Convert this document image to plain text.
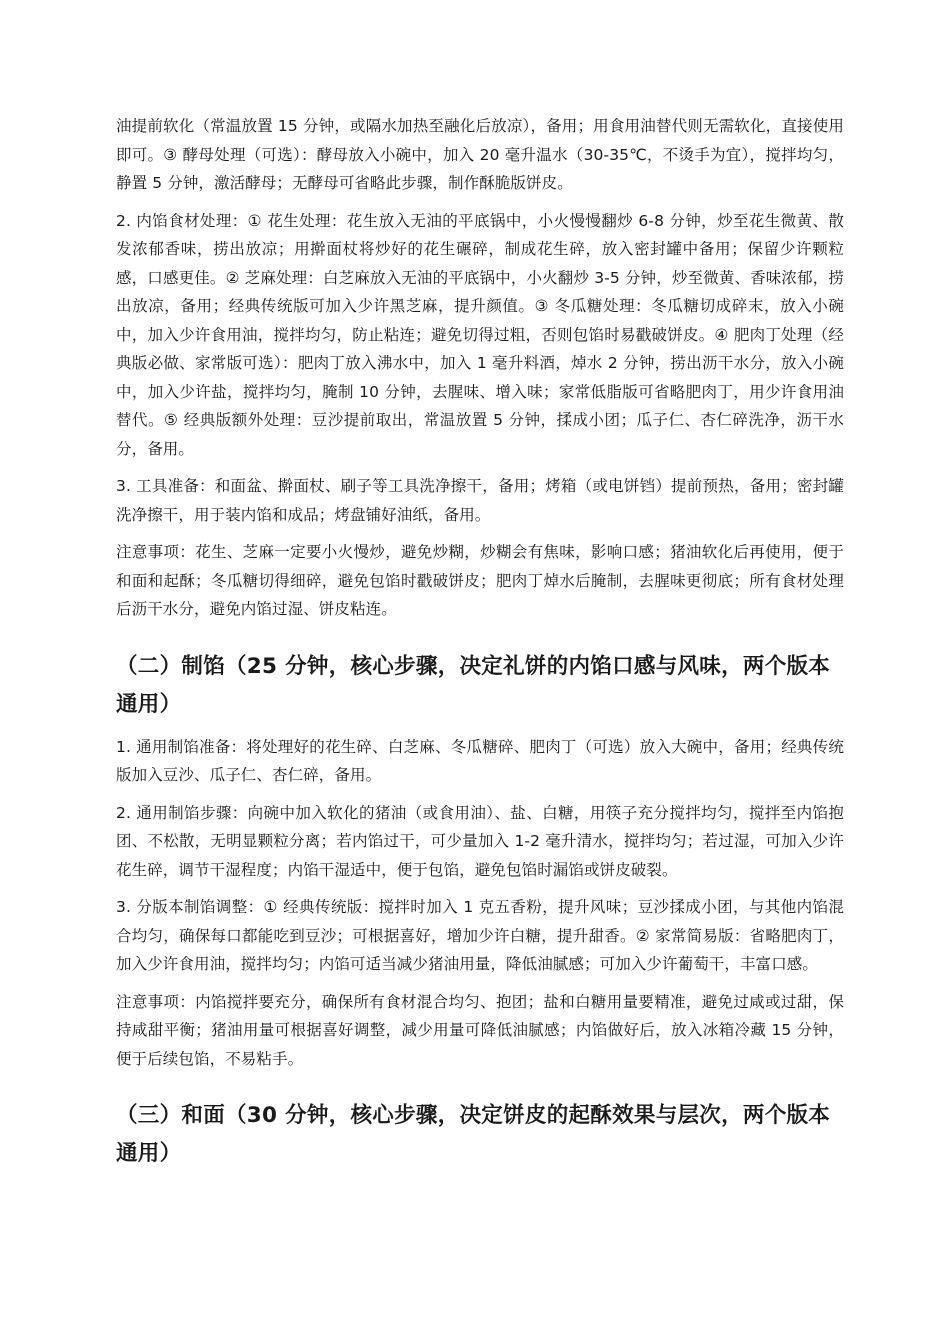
油提前软化（常温放置 15 分钟，或隔水加热至融化后放凉），备用；用食用油替代则无需软化，直接使用即可。③ 酵母处理（可选）：酵母放入小碗中，加入 20 毫升温水（30-35℃，不烫手为宜），搅拌均匀，静置 5 分钟，激活酵母；无酵母可省略此步骤，制作酥脆版饼皮。

2. 内馅食材处理：① 花生处理：花生放入无油的平底锅中，小火慢慢翻炒 6-8 分钟，炒至花生微黄、散发浓郁香味，捞出放凉；用擀面杖将炒好的花生碾碎，制成花生碎，放入密封罐中备用；保留少许颗粒感，口感更佳。② 芝麻处理：白芝麻放入无油的平底锅中，小火翻炒 3-5 分钟，炒至微黄、香味浓郁，捞出放凉，备用；经典传统版可加入少许黑芝麻，提升颜值。③ 冬瓜糖处理：冬瓜糖切成碎末，放入小碗中，加入少许食用油，搅拌均匀，防止粘连；避免切得过粗，否则包馅时易戳破饼皮。④ 肥肉丁处理（经典版必做、家常版可选）：肥肉丁放入沸水中，加入 1 毫升料酒，焯水 2 分钟，捞出沥干水分，放入小碗中，加入少许盐，搅拌均匀，腌制 10 分钟，去腥味、增入味；家常低脂版可省略肥肉丁，用少许食用油替代。⑤ 经典版额外处理：豆沙提前取出，常温放置 5 分钟，揉成小团；瓜子仁、杏仁碎洗净，沥干水分，备用。

3. 工具准备：和面盆、擀面杖、刷子等工具洗净擦干，备用；烤箱（或电饼铛）提前预热，备用；密封罐洗净擦干，用于装内馅和成品；烤盘铺好油纸，备用。

注意事项：花生、芝麻一定要小火慢炒，避免炒糊，炒糊会有焦味，影响口感；猪油软化后再使用，便于和面和起酥；冬瓜糖切得细碎，避免包馅时戳破饼皮；肥肉丁焯水后腌制，去腥味更彻底；所有食材处理后沥干水分，避免内馅过湿、饼皮粘连。

（二）制馅（25 分钟，核心步骤，决定礼饼的内馅口感与风味，两个版本通用）

1. 通用制馅准备：将处理好的花生碎、白芝麻、冬瓜糖碎、肥肉丁（可选）放入大碗中，备用；经典传统版加入豆沙、瓜子仁、杏仁碎，备用。

2. 通用制馅步骤：向碗中加入软化的猪油（或食用油）、盐、白糖，用筷子充分搅拌均匀，搅拌至内馅抱团、不松散，无明显颗粒分离；若内馅过干，可少量加入 1-2 毫升清水，搅拌均匀；若过湿，可加入少许花生碎，调节干湿程度；内馅干湿适中，便于包馅，避免包馅时漏馅或饼皮破裂。

3. 分版本制馅调整：① 经典传统版：搅拌时加入 1 克五香粉，提升风味；豆沙揉成小团，与其他内馅混合均匀，确保每口都能吃到豆沙；可根据喜好，增加少许白糖，提升甜香。② 家常简易版：省略肥肉丁，加入少许食用油，搅拌均匀；内馅可适当减少猪油用量，降低油腻感；可加入少许葡萄干，丰富口感。

注意事项：内馅搅拌要充分，确保所有食材混合均匀、抱团；盐和白糖用量要精准，避免过咸或过甜，保持咸甜平衡；猪油用量可根据喜好调整，减少用量可降低油腻感；内馅做好后，放入冰箱冷藏 15 分钟，便于后续包馅，不易粘手。

（三）和面（30 分钟，核心步骤，决定饼皮的起酥效果与层次，两个版本通用）
